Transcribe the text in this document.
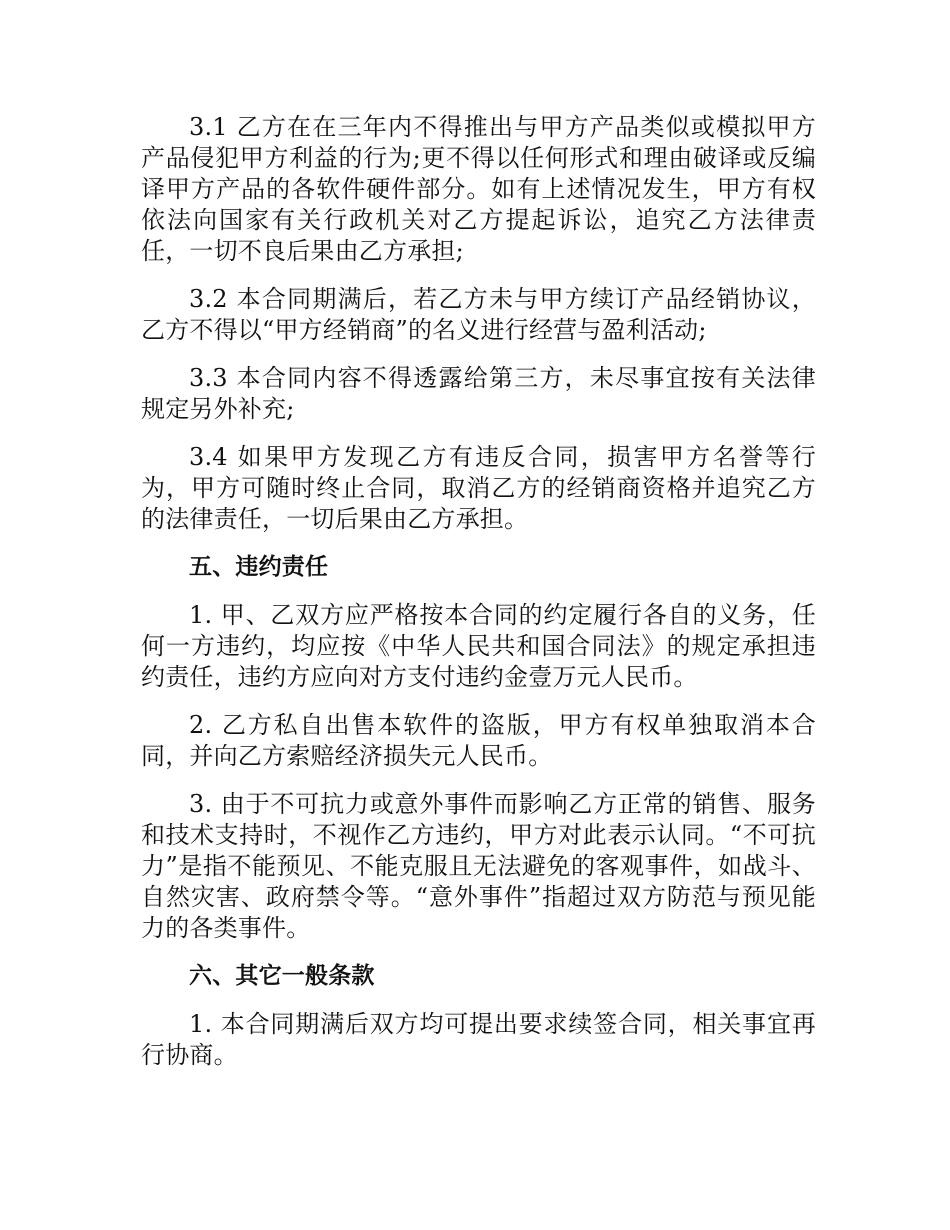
3.1 乙方在在三年内不得推出与甲方产品类似或模拟甲方产品侵犯甲方利益的行为;更不得以任何形式和理由破译或反编译甲方产品的各软件硬件部分。如有上述情况发生，甲方有权依法向国家有关行政机关对乙方提起诉讼，追究乙方法律责任，一切不良后果由乙方承担;

3.2 本合同期满后，若乙方未与甲方续订产品经销协议，乙方不得以“甲方经销商”的名义进行经营与盈利活动;

3.3 本合同内容不得透露给第三方，未尽事宜按有关法律规定另外补充;

3.4 如果甲方发现乙方有违反合同，损害甲方名誉等行为，甲方可随时终止合同，取消乙方的经销商资格并追究乙方的法律责任，一切后果由乙方承担。

五、违约责任

1. 甲、乙双方应严格按本合同的约定履行各自的义务，任何一方违约，均应按《中华人民共和国合同法》的规定承担违约责任，违约方应向对方支付违约金壹万元人民币。

2. 乙方私自出售本软件的盗版，甲方有权单独取消本合同，并向乙方索赔经济损失元人民币。

3. 由于不可抗力或意外事件而影响乙方正常的销售、服务和技术支持时，不视作乙方违约，甲方对此表示认同。“不可抗力”是指不能预见、不能克服且无法避免的客观事件，如战斗、自然灾害、政府禁令等。“意外事件”指超过双方防范与预见能力的各类事件。

六、其它一般条款

1. 本合同期满后双方均可提出要求续签合同，相关事宜再行协商。
